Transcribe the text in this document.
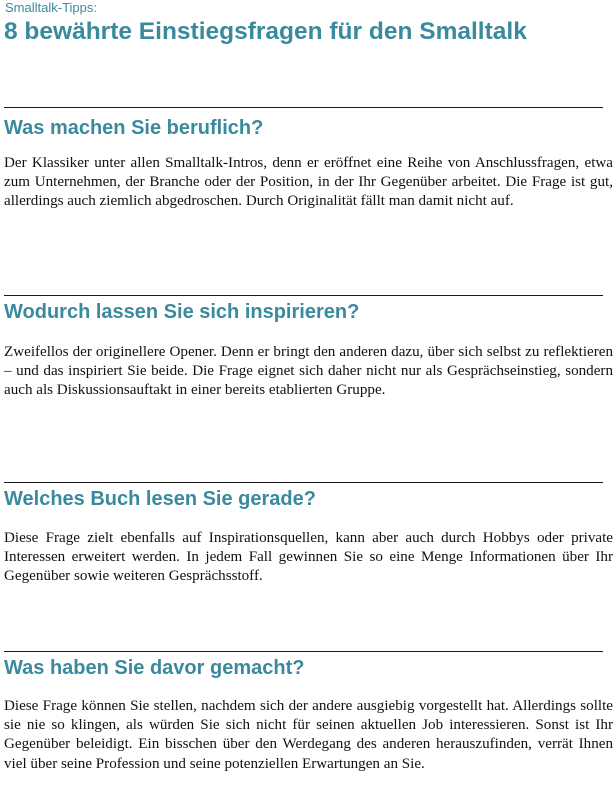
Smalltalk-Tipps:
8 bewährte Einstiegsfragen für den Smalltalk
Was machen Sie beruflich?

Der Klassiker unter allen Smalltalk-Intros, denn er eröffnet eine Reihe von Anschlussfragen, etwa zum Unternehmen, der Branche oder der Position, in der Ihr Gegenüber arbeitet. Die Frage ist gut, allerdings auch ziemlich abgedroschen. Durch Originalität fällt man damit nicht auf.

Wodurch lassen Sie sich inspirieren?

Zweifellos der originellere Opener. Denn er bringt den anderen dazu, über sich selbst zu reflektieren – und das inspiriert Sie beide. Die Frage eignet sich daher nicht nur als Gesprächseinstieg, sondern auch als Diskussionsauftakt in einer bereits etablierten Gruppe.

Welches Buch lesen Sie gerade?

Diese Frage zielt ebenfalls auf Inspirationsquellen, kann aber auch durch Hobbys oder private Interessen erweitert werden. In jedem Fall gewinnen Sie so eine Menge Informationen über Ihr Gegenüber sowie weiteren Gesprächsstoff.

Was haben Sie davor gemacht?

Diese Frage können Sie stellen, nachdem sich der andere ausgiebig vorgestellt hat. Allerdings sollte sie nie so klingen, als würden Sie sich nicht für seinen aktuellen Job interessieren. Sonst ist Ihr Gegenüber beleidigt. Ein bisschen über den Werdegang des anderen herauszufinden, verrät Ihnen viel über seine Profession und seine potenziellen Erwartungen an Sie.
